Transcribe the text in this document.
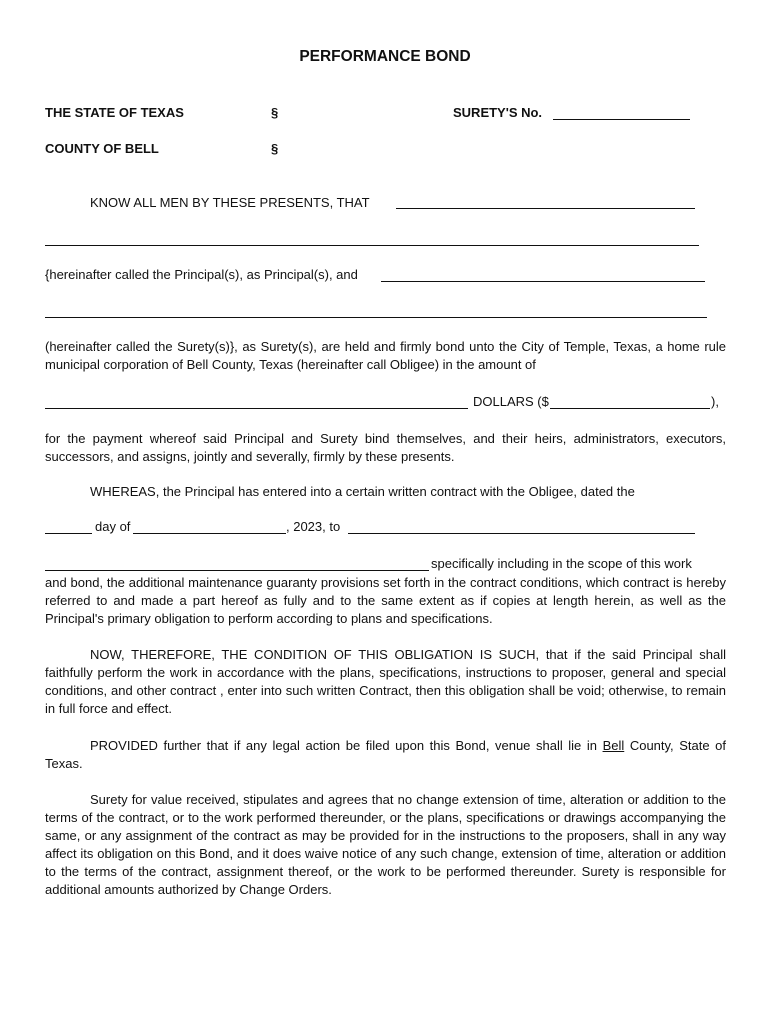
PERFORMANCE BOND
THE STATE OF TEXAS	§	SURETY'S No.
COUNTY OF BELL	§
KNOW ALL MEN BY THESE PRESENTS, THAT
{hereinafter called the Principal(s), as Principal(s), and
(hereinafter called the Surety(s)}, as Surety(s), are held and firmly bond unto the City of Temple, Texas, a home rule municipal corporation of Bell County, Texas (hereinafter call Obligee) in the amount of
DOLLARS ($	),
for the payment whereof said Principal and Surety bind themselves, and their heirs, administrators, executors, successors, and assigns, jointly and severally, firmly by these presents.
WHEREAS, the Principal has entered into a certain written contract with the Obligee, dated the
day of	, 2023, to
specifically including in the scope of this work
and bond, the additional maintenance guaranty provisions set forth in the contract conditions, which contract is hereby referred to and made a part hereof as fully and to the same extent as if copies at length herein, as well as the Principal's primary obligation to perform according to plans and specifications.
NOW, THEREFORE, THE CONDITION OF THIS OBLIGATION IS SUCH, that if the said Principal shall faithfully perform the work in accordance with the plans, specifications, instructions to proposer, general and special conditions, and other contract , enter into such written Contract, then this obligation shall be void; otherwise, to remain in full force and effect.
PROVIDED further that if any legal action be filed upon this Bond, venue shall lie in Bell County, State of Texas.
Surety for value received, stipulates and agrees that no change extension of time, alteration or addition to the terms of the contract, or to the work performed thereunder, or the plans, specifications or drawings accompanying the same, or any assignment of the contract as may be provided for in the instructions to the proposers, shall in any way affect its obligation on this Bond, and it does waive notice of any such change, extension of time, alteration or addition to the terms of the contract, assignment thereof, or the work to be performed thereunder. Surety is responsible for additional amounts authorized by Change Orders.
